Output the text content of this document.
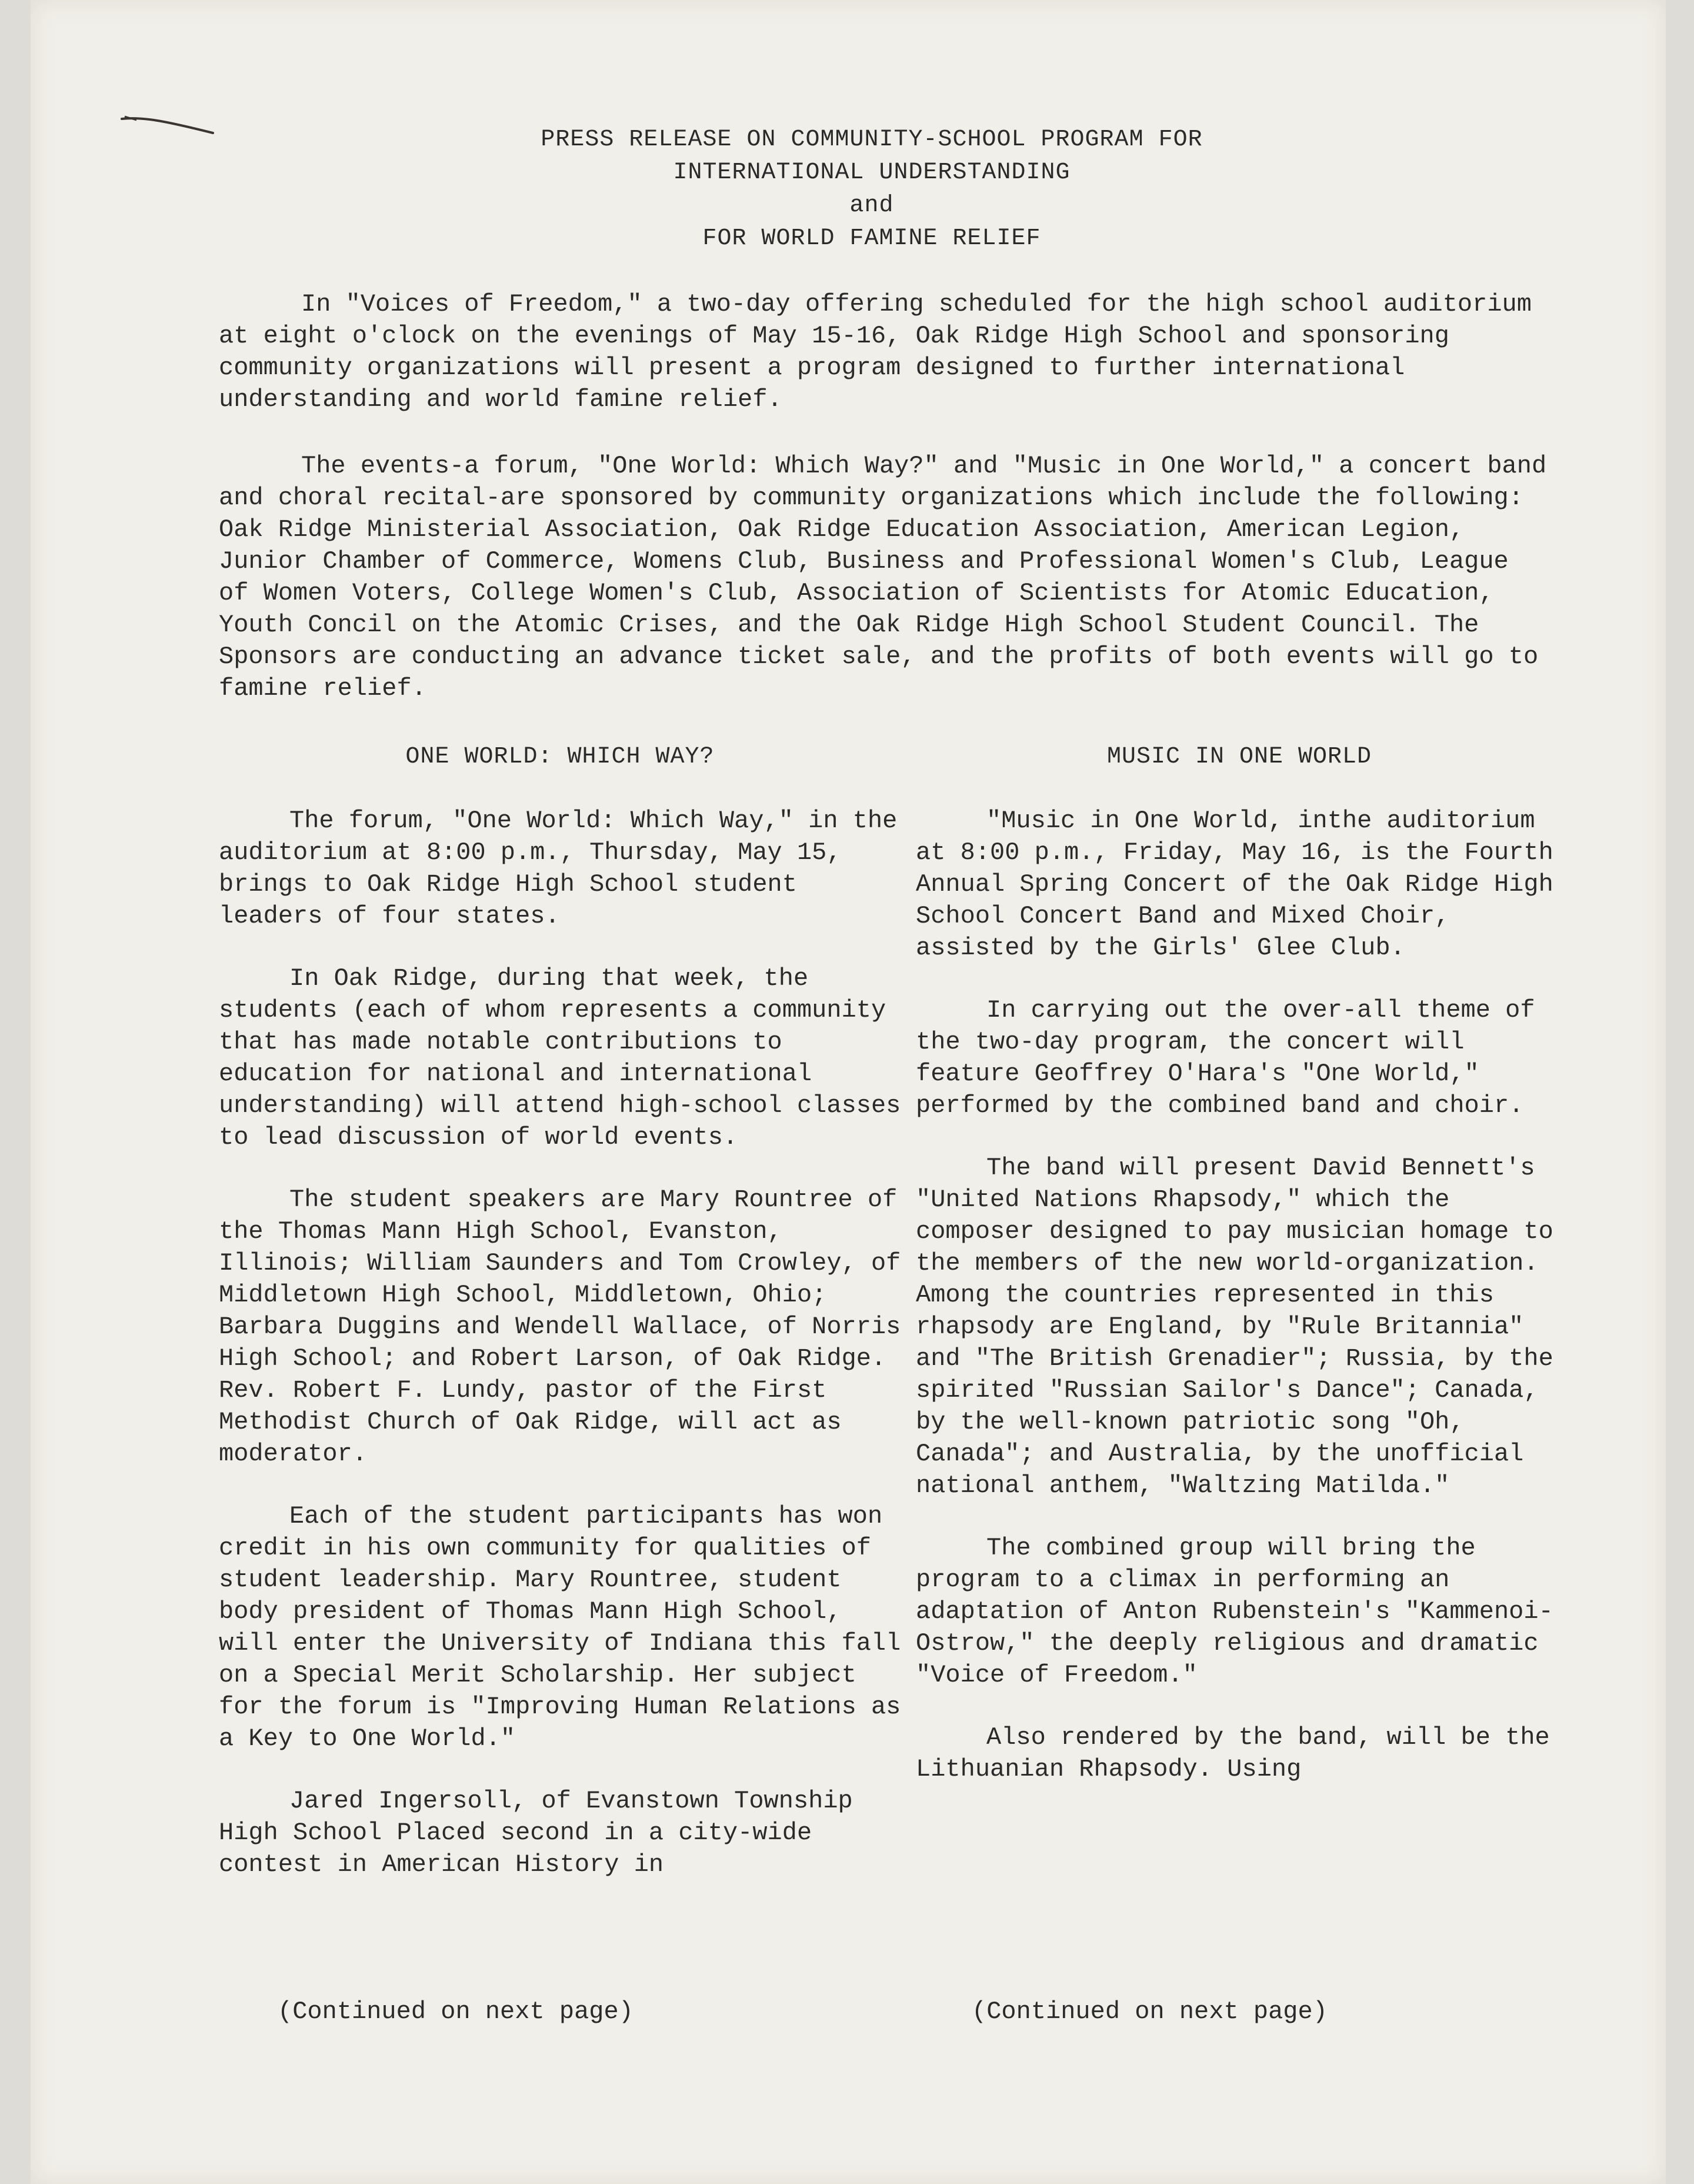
PRESS RELEASE ON COMMUNITY-SCHOOL PROGRAM FOR
INTERNATIONAL UNDERSTANDING
and
FOR WORLD FAMINE RELIEF

In "Voices of Freedom," a two-day offering scheduled for the high school auditorium at eight o'clock on the evenings of May 15-16, Oak Ridge High School and sponsoring community organizations will present a program designed to further international understanding and world famine relief.

The events-a forum, "One World: Which Way?" and "Music in One World," a concert band and choral recital-are sponsored by community organizations which include the following: Oak Ridge Ministerial Association, Oak Ridge Education Association, American Legion, Junior Chamber of Commerce, Womens Club, Business and Professional Women's Club, League of Women Voters, College Women's Club, Association of Scientists for Atomic Education, Youth Concil on the Atomic Crises, and the Oak Ridge High School Student Council. The Sponsors are conducting an advance ticket sale, and the profits of both events will go to famine relief.

ONE WORLD: WHICH WAY?

The forum, "One World: Which Way," in the auditorium at 8:00 p.m., Thursday, May 15, brings to Oak Ridge High School student leaders of four states.

In Oak Ridge, during that week, the students (each of whom represents a community that has made notable contributions to education for national and international understanding) will attend high-school classes to lead discussion of world events.

The student speakers are Mary Rountree of the Thomas Mann High School, Evanston, Illinois; William Saunders and Tom Crowley, of Middletown High School, Middletown, Ohio; Barbara Duggins and Wendell Wallace, of Norris High School; and Robert Larson, of Oak Ridge. Rev. Robert F. Lundy, pastor of the First Methodist Church of Oak Ridge, will act as moderator.

Each of the student participants has won credit in his own community for qualities of student leadership. Mary Rountree, student body president of Thomas Mann High School, will enter the University of Indiana this fall on a Special Merit Scholarship. Her subject for the forum is "Improving Human Relations as a Key to One World."

Jared Ingersoll, of Evanstown Township High School Placed second in a city-wide contest in American History in

MUSIC IN ONE WORLD

"Music in One World, inthe auditorium at 8:00 p.m., Friday, May 16, is the Fourth Annual Spring Concert of the Oak Ridge High School Concert Band and Mixed Choir, assisted by the Girls' Glee Club.

In carrying out the over-all theme of the two-day program, the concert will feature Geoffrey O'Hara's "One World," performed by the combined band and choir.

The band will present David Bennett's "United Nations Rhapsody," which the composer designed to pay musician homage to the members of the new world-organization. Among the countries represented in this rhapsody are England, by "Rule Britannia" and "The British Grenadier"; Russia, by the spirited "Russian Sailor's Dance"; Canada, by the well-known patriotic song "Oh, Canada"; and Australia, by the unofficial national anthem, "Waltzing Matilda."

The combined group will bring the program to a climax in performing an adaptation of Anton Rubenstein's "Kammenoi-Ostrow," the deeply religious and dramatic "Voice of Freedom."

Also rendered by the band, will be the Lithuanian Rhapsody. Using

(Continued on next page)	(Continued on next page)
